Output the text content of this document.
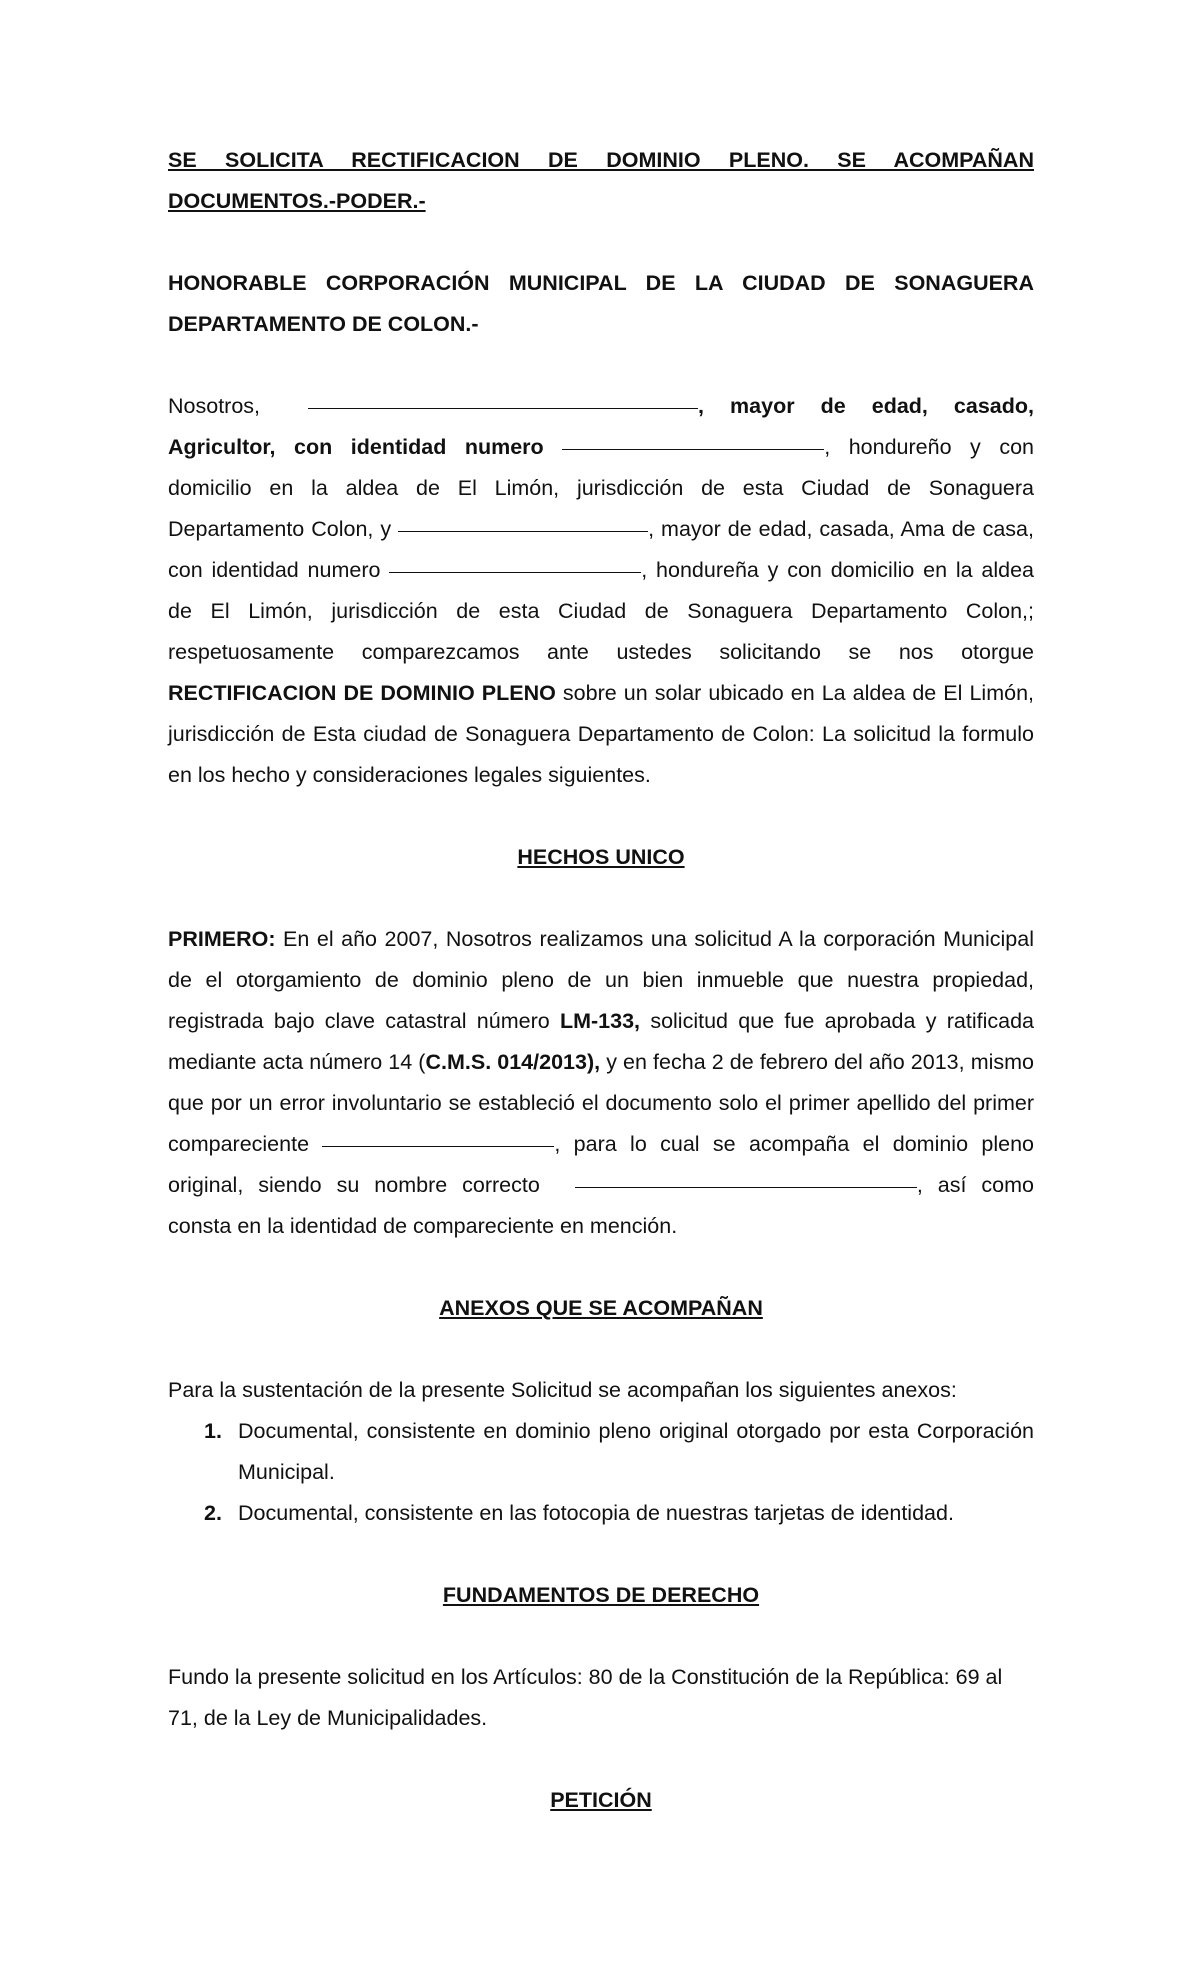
SE SOLICITA RECTIFICACION DE DOMINIO PLENO. SE ACOMPAÑAN DOCUMENTOS.-PODER.-

HONORABLE CORPORACIÓN MUNICIPAL DE LA CIUDAD DE SONAGUERA DEPARTAMENTO DE COLON.-

Nosotros,	, mayor de edad, casado, Agricultor, con identidad numero	, hondureño y con domicilio en la aldea de El Limón, jurisdicción de esta Ciudad de Sonaguera Departamento Colon, y	, mayor de edad, casada, Ama de casa, con identidad numero	, hondureña y con domicilio en la aldea de El Limón, jurisdicción de esta Ciudad de Sonaguera Departamento Colon,; respetuosamente comparezcamos ante ustedes solicitando se nos otorgue RECTIFICACION DE DOMINIO PLENO sobre un solar ubicado en La aldea de El Limón, jurisdicción de Esta ciudad de Sonaguera Departamento de Colon: La solicitud la formulo en los hecho y consideraciones legales siguientes.

HECHOS UNICO

PRIMERO: En el año 2007, Nosotros realizamos una solicitud A la corporación Municipal de el otorgamiento de dominio pleno de un bien inmueble que nuestra propiedad, registrada bajo clave catastral número LM-133, solicitud que fue aprobada y ratificada mediante acta número 14 (C.M.S. 014/2013), y en fecha 2 de febrero del año 2013, mismo que por un error involuntario se estableció el documento solo el primer apellido del primer compareciente	, para lo cual se acompaña el dominio pleno original, siendo su nombre correcto	, así como consta en la identidad de compareciente en mención.

ANEXOS QUE SE ACOMPAÑAN

Para la sustentación de la presente Solicitud se acompañan los siguientes anexos:

1. Documental, consistente en dominio pleno original otorgado por esta Corporación Municipal.
2. Documental, consistente en las fotocopia de nuestras tarjetas de identidad.

FUNDAMENTOS DE DERECHO

Fundo la presente solicitud en los Artículos: 80 de la Constitución de la República: 69 al 71, de la Ley de Municipalidades.

PETICIÓN
